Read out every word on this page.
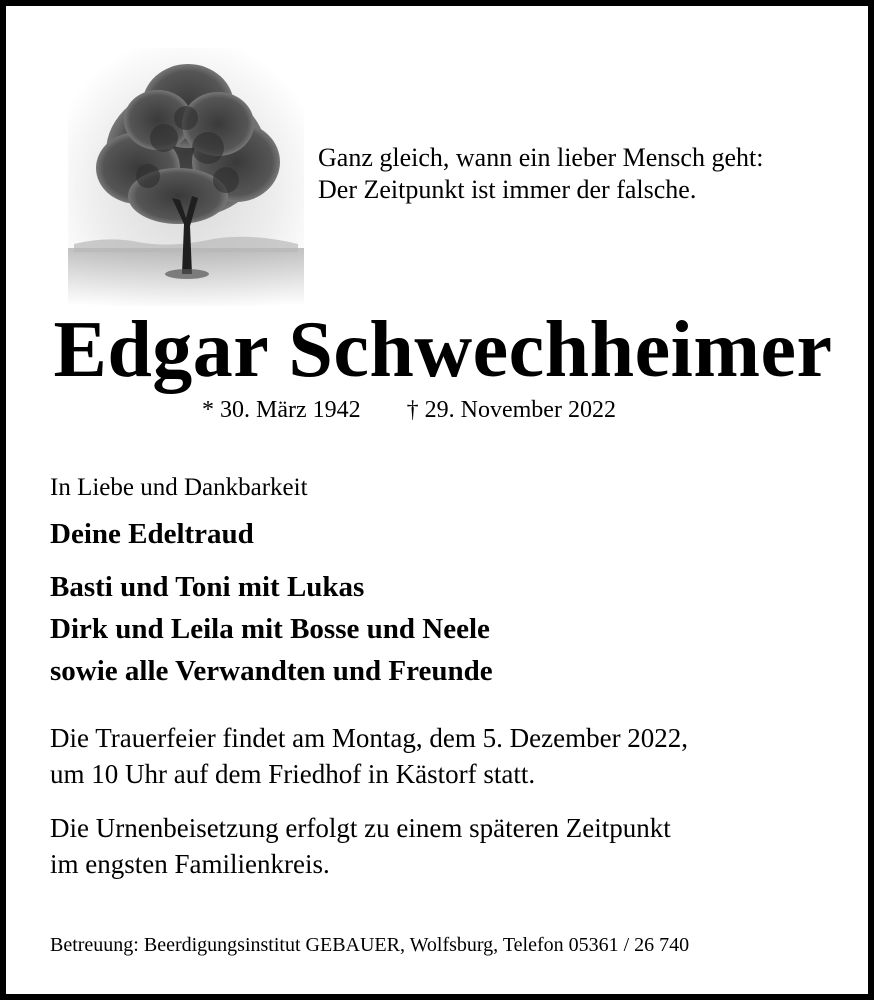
Ganz gleich, wann ein lieber Mensch geht:
Der Zeitpunkt ist immer der falsche.
Edgar Schwechheimer
* 30. März 1942 † 29. November 2022
In Liebe und Dankbarkeit
Deine Edeltraud
Basti und Toni mit Lukas
Dirk und Leila mit Bosse und Neele
sowie alle Verwandten und Freunde
Die Trauerfeier findet am Montag, dem 5. Dezember 2022,
um 10 Uhr auf dem Friedhof in Kästorf statt.
Die Urnenbeisetzung erfolgt zu einem späteren Zeitpunkt
im engsten Familienkreis.
Betreuung: Beerdigungsinstitut GEBAUER, Wolfsburg, Telefon 05361 / 26 740
